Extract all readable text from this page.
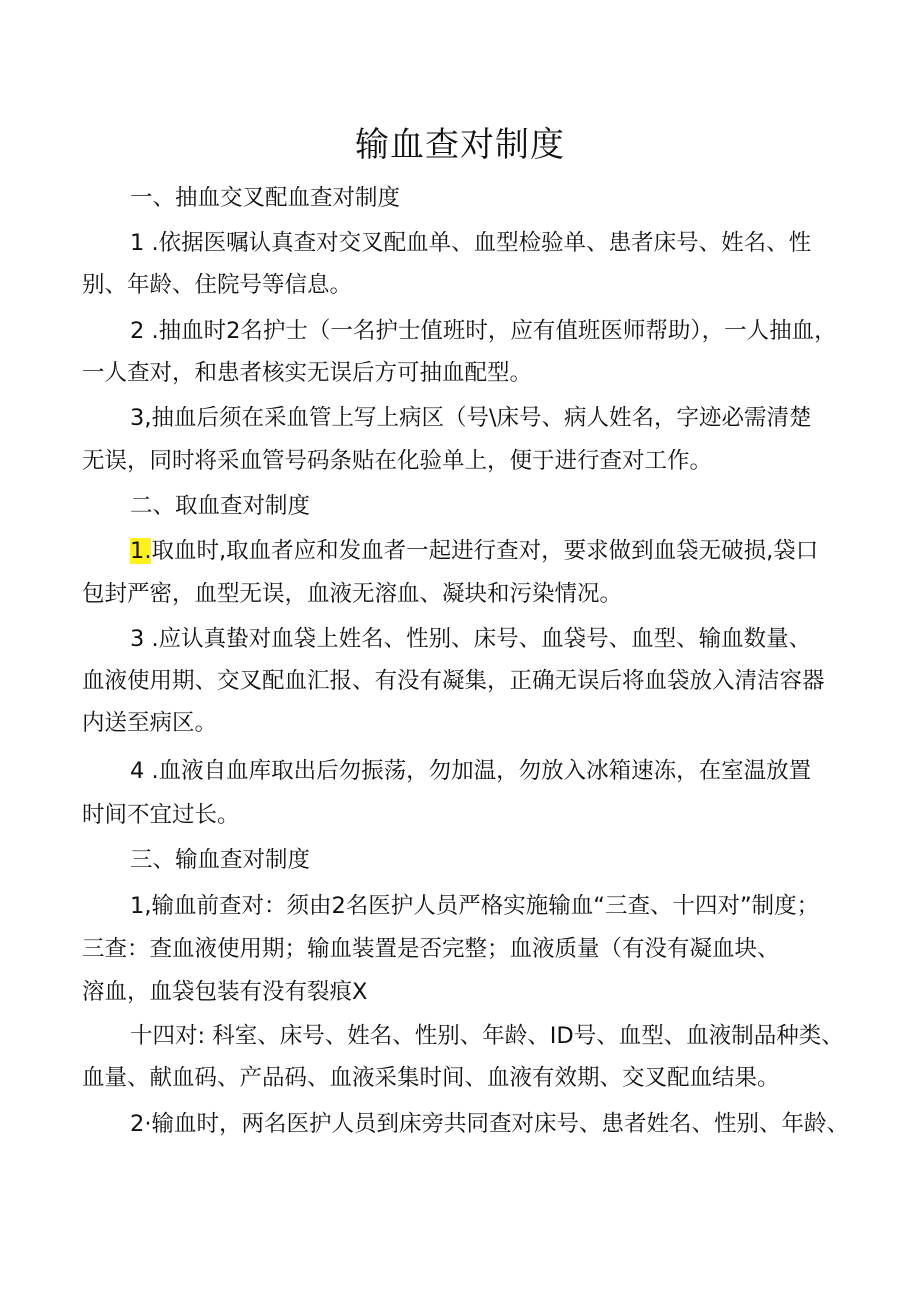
输血查对制度
一、抽血交叉配血查对制度
1 .依据医嘱认真查对交叉配血单、血型检验单、患者床号、姓名、性
别、年龄、住院号等信息。
2 .抽血时2名护士（一名护士值班时，应有值班医师帮助），一人抽血，
一人查对，和患者核实无误后方可抽血配型。
3,抽血后须在采血管上写上病区（号\床号、病人姓名，字迹必需清楚
无误，同时将采血管号码条贴在化验单上，便于进行查对工作。
二、取血查对制度
1.取血时,取血者应和发血者一起进行查对，要求做到血袋无破损,袋口
包封严密，血型无误，血液无溶血、凝块和污染情况。
3 .应认真蛰对血袋上姓名、性别、床号、血袋号、血型、输血数量、
血液使用期、交叉配血汇报、有没有凝集，正确无误后将血袋放入清洁容器
内送至病区。
4 .血液自血库取出后勿振荡，勿加温，勿放入冰箱速冻，在室温放置
时间不宜过长。
三、输血查对制度
1,输血前查对：须由2名医护人员严格实施输血“三查、十四对”制度；
三查：查血液使用期；输血装置是否完整；血液质量（有没有凝血块、
溶血，血袋包装有没有裂痕X
十四对: 科室、床号、姓名、性别、年龄、ID号、血型、血液制品种类、
血量、献血码、产品码、血液采集时间、血液有效期、交叉配血结果。
2·输血时，两名医护人员到床旁共同查对床号、患者姓名、性别、年龄、
